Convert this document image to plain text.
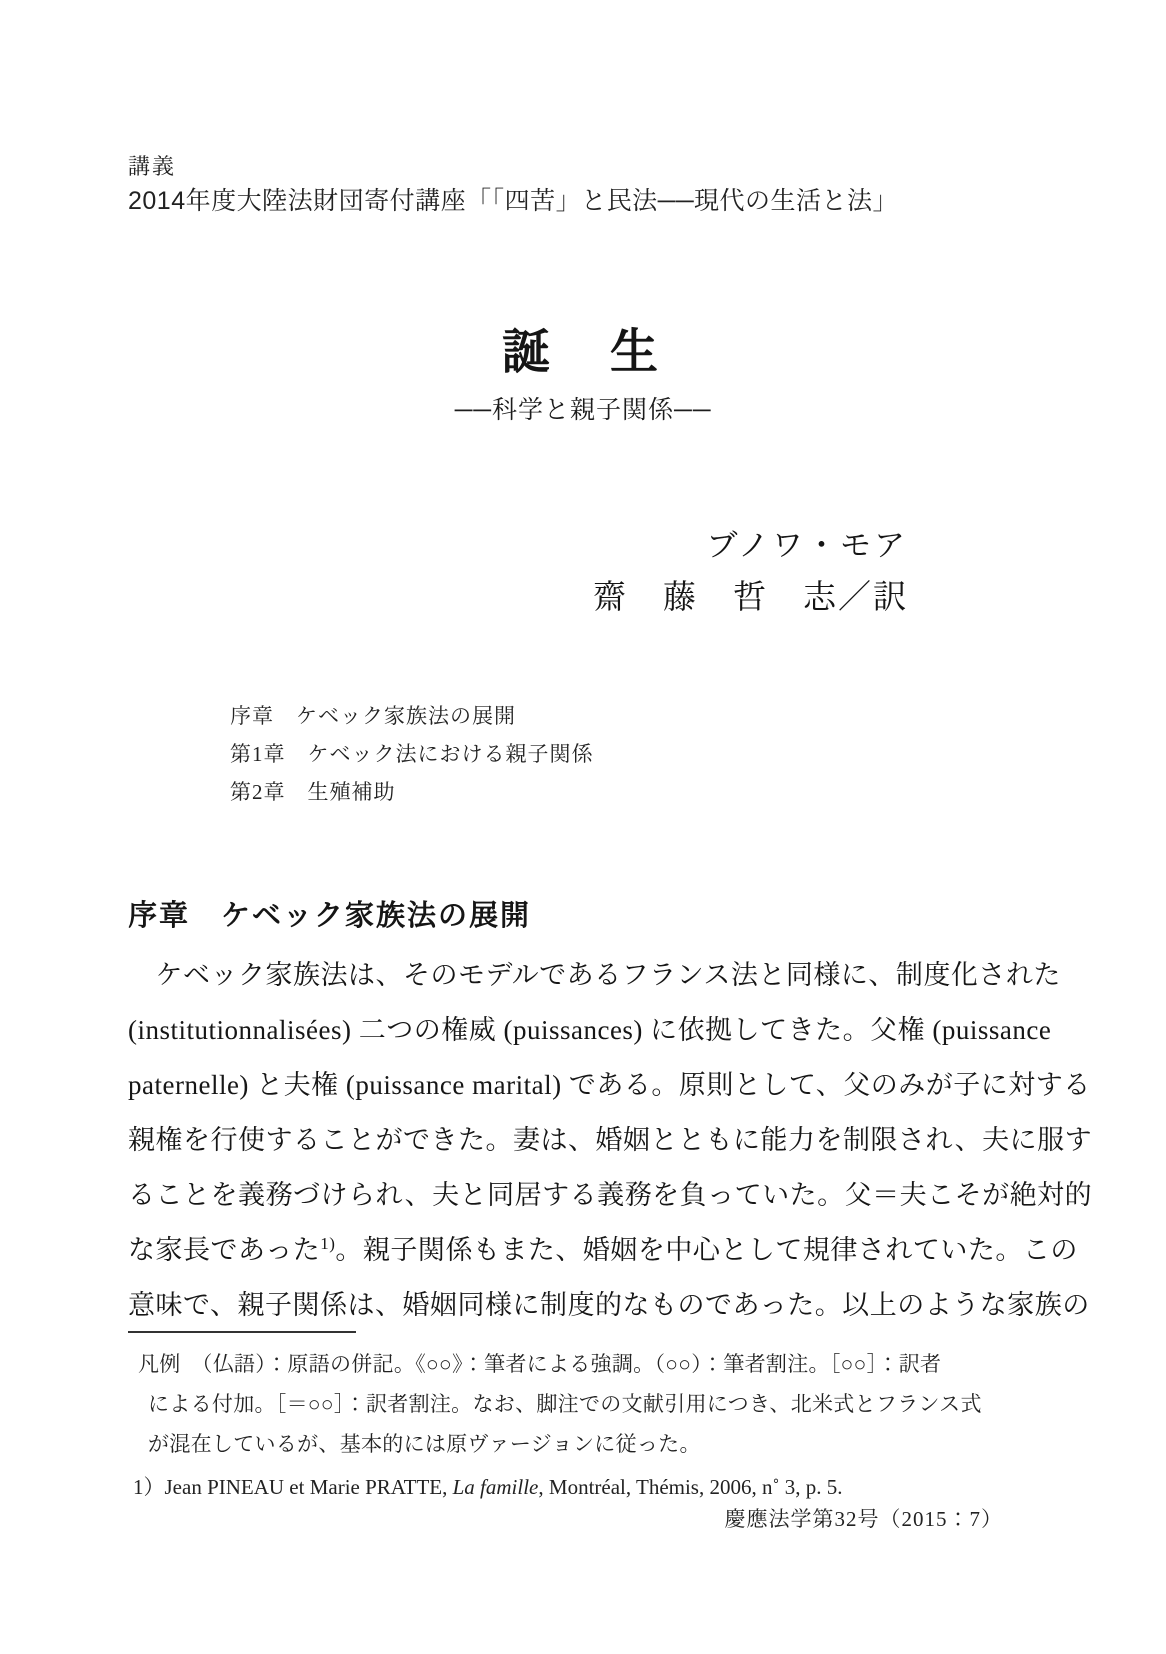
講義
2014年度大陸法財団寄付講座「「四苦」と民法──現代の生活と法」
誕　生
──科学と親子関係──
ブノワ・モア
齋　藤　哲　志／訳
序章　ケベック家族法の展開
第1章　ケベック法における親子関係
第2章　生殖補助
序章　ケベック家族法の展開
　ケベック家族法は、そのモデルであるフランス法と同様に、制度化された
(institutionnalisées) 二つの権威 (puissances) に依拠してきた。父権 (puissance
paternelle) と夫権 (puissance marital) である。原則として、父のみが子に対する
親権を行使することができた。妻は、婚姻とともに能力を制限され、夫に服す
ることを義務づけられ、夫と同居する義務を負っていた。父＝夫こそが絶対的
な家長であった$^{1)}$。親子関係もまた、婚姻を中心として規律されていた。この
意味で、親子関係は、婚姻同様に制度的なものであった。以上のような家族の
凡例　（仏語）：原語の併記。《○○》：筆者による強調。（○○）：筆者割注。［○○］：訳者
による付加。［＝○○］：訳者割注。なお、脚注での文献引用につき、北米式とフランス式
が混在しているが、基本的には原ヴァージョンに従った。
1）Jean PINEAU et Marie PRATTE, La famille, Montréal, Thémis, 2006, n˚ 3, p. 5.
慶應法学第32号（2015：7）
